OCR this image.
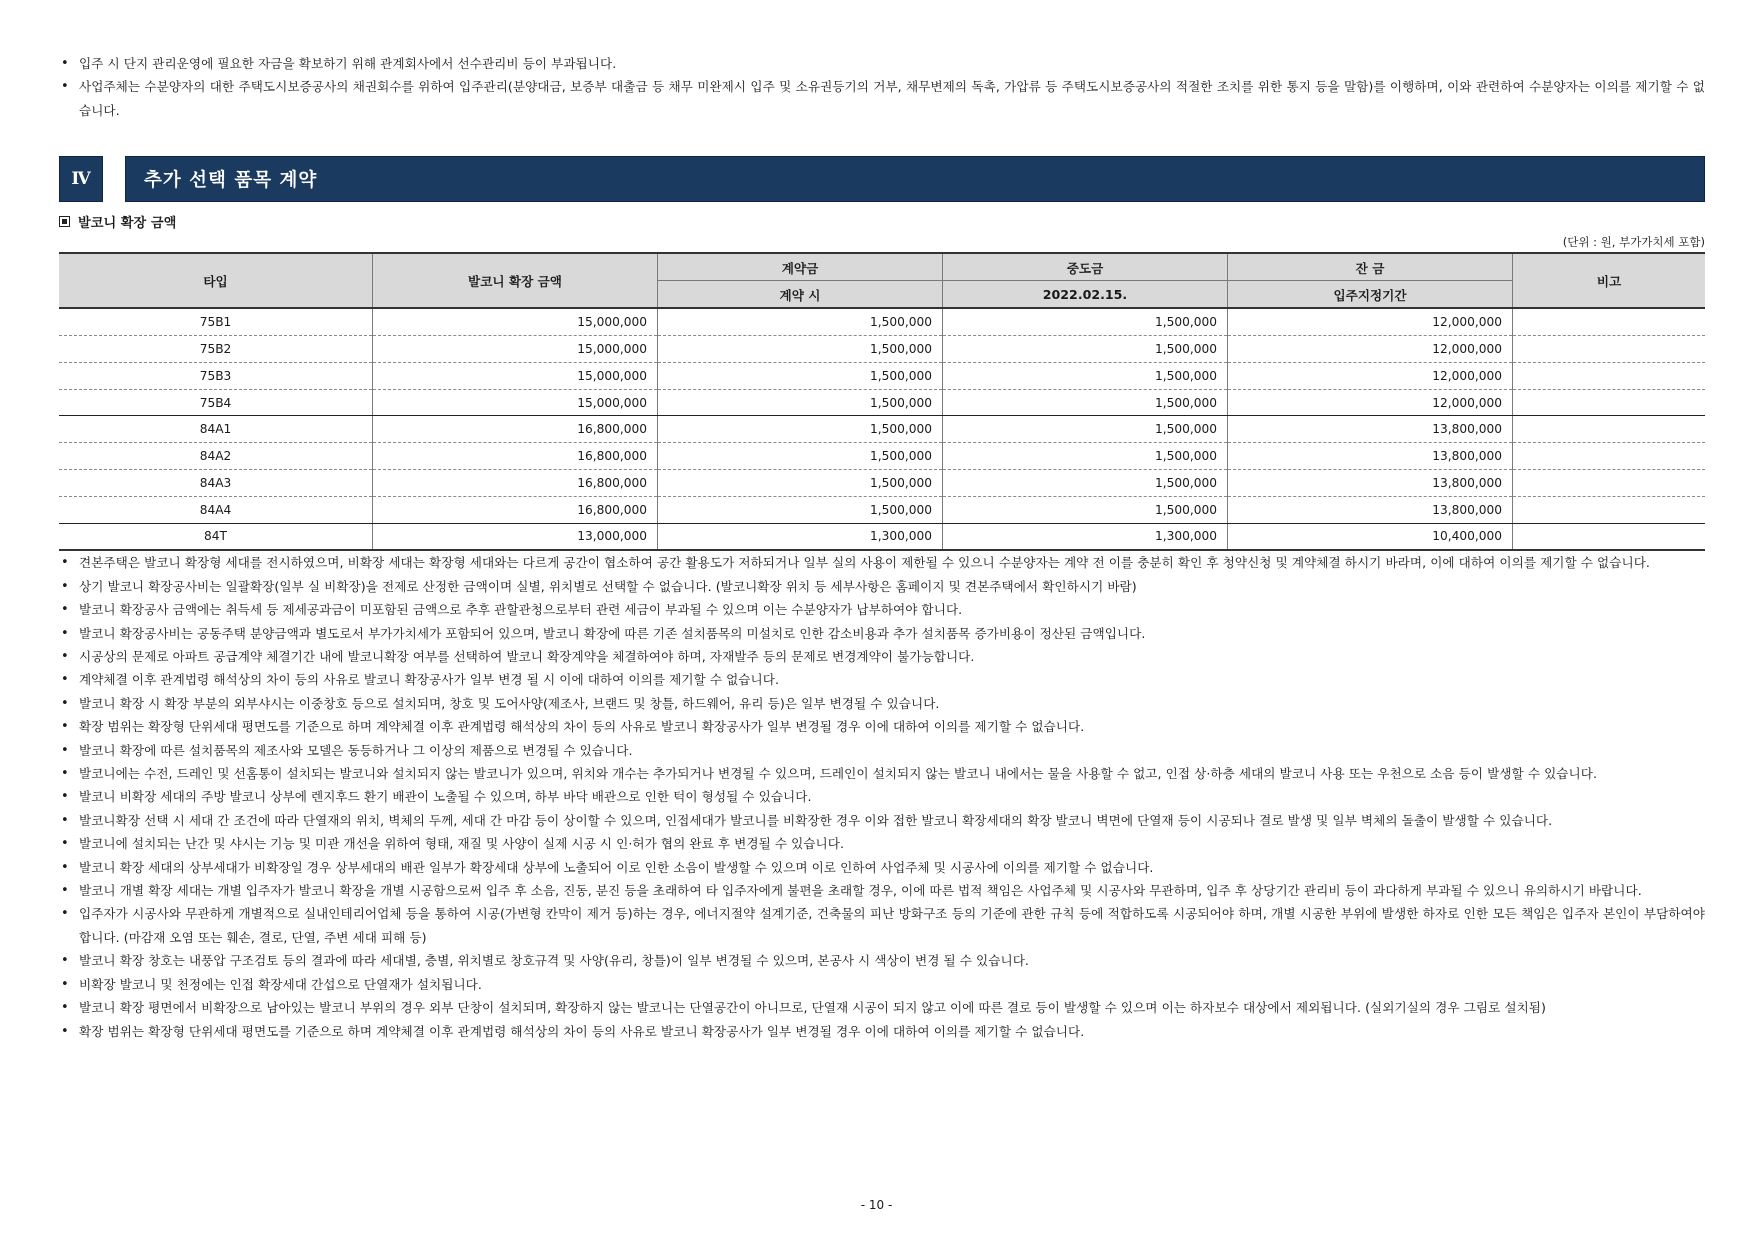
• 입주 시 단지 관리운영에 필요한 자금을 확보하기 위해 관계회사에서 선수관리비 등이 부과됩니다.
• 사업주체는 수분양자의 대한 주택도시보증공사의 채권회수를 위하여 입주관리(분양대금, 보증부 대출금 등 채무 미완제시 입주 및 소유권등기의 거부, 채무변제의 독촉, 가압류 등 주택도시보증공사의 적절한 조치를 위한 통지 등을 말함)를 이행하며, 이와 관련하여 수분양자는 이의를 제기할 수 없습니다.
Ⅳ	추가 선택 품목 계약
발코니 확장 금액
(단위 : 원, 부가가치세 포함)
타입	발코니 확장 금액	계약금	중도금	잔 금	비고
		계약 시	2022.02.15.	입주지정기간	
75B1	15,000,000	1,500,000	1,500,000	12,000,000	
75B2	15,000,000	1,500,000	1,500,000	12,000,000	
75B3	15,000,000	1,500,000	1,500,000	12,000,000	
75B4	15,000,000	1,500,000	1,500,000	12,000,000	
84A1	16,800,000	1,500,000	1,500,000	13,800,000	
84A2	16,800,000	1,500,000	1,500,000	13,800,000	
84A3	16,800,000	1,500,000	1,500,000	13,800,000	
84A4	16,800,000	1,500,000	1,500,000	13,800,000	
84T	13,000,000	1,300,000	1,300,000	10,400,000	
• 견본주택은 발코니 확장형 세대를 전시하였으며, 비확장 세대는 확장형 세대와는 다르게 공간이 협소하여 공간 활용도가 저하되거나 일부 실의 사용이 제한될 수 있으니 수분양자는 계약 전 이를 충분히 확인 후 청약신청 및 계약체결 하시기 바라며, 이에 대하여 이의를 제기할 수 없습니다.
• 상기 발코니 확장공사비는 일괄확장(일부 실 비확장)을 전제로 산정한 금액이며 실별, 위치별로 선택할 수 없습니다. (발코니확장 위치 등 세부사항은 홈페이지 및 견본주택에서 확인하시기 바람)
• 발코니 확장공사 금액에는 취득세 등 제세공과금이 미포함된 금액으로 추후 관할관청으로부터 관련 세금이 부과될 수 있으며 이는 수분양자가 납부하여야 합니다.
• 발코니 확장공사비는 공동주택 분양금액과 별도로서 부가가치세가 포함되어 있으며, 발코니 확장에 따른 기존 설치품목의 미설치로 인한 감소비용과 추가 설치품목 증가비용이 정산된 금액입니다.
• 시공상의 문제로 아파트 공급계약 체결기간 내에 발코니확장 여부를 선택하여 발코니 확장계약을 체결하여야 하며, 자재발주 등의 문제로 변경계약이 불가능합니다.
• 계약체결 이후 관계법령 해석상의 차이 등의 사유로 발코니 확장공사가 일부 변경 될 시 이에 대하여 이의를 제기할 수 없습니다.
• 발코니 확장 시 확장 부분의 외부샤시는 이중창호 등으로 설치되며, 창호 및 도어사양(제조사, 브랜드 및 창틀, 하드웨어, 유리 등)은 일부 변경될 수 있습니다.
• 확장 범위는 확장형 단위세대 평면도를 기준으로 하며 계약체결 이후 관계법령 해석상의 차이 등의 사유로 발코니 확장공사가 일부 변경될 경우 이에 대하여 이의를 제기할 수 없습니다.
• 발코니 확장에 따른 설치품목의 제조사와 모델은 동등하거나 그 이상의 제품으로 변경될 수 있습니다.
• 발코니에는 수전, 드레인 및 선홈통이 설치되는 발코니와 설치되지 않는 발코니가 있으며, 위치와 개수는 추가되거나 변경될 수 있으며, 드레인이 설치되지 않는 발코니 내에서는 물을 사용할 수 없고, 인접 상·하층 세대의 발코니 사용 또는 우천으로 소음 등이 발생할 수 있습니다.
• 발코니 비확장 세대의 주방 발코니 상부에 렌지후드 환기 배관이 노출될 수 있으며, 하부 바닥 배관으로 인한 턱이 형성될 수 있습니다.
• 발코니확장 선택 시 세대 간 조건에 따라 단열재의 위치, 벽체의 두께, 세대 간 마감 등이 상이할 수 있으며, 인접세대가 발코니를 비확장한 경우 이와 접한 발코니 확장세대의 확장 발코니 벽면에 단열재 등이 시공되나 결로 발생 및 일부 벽체의 돌출이 발생할 수 있습니다.
• 발코니에 설치되는 난간 및 샤시는 기능 및 미관 개선을 위하여 형태, 재질 및 사양이 실제 시공 시 인·허가 협의 완료 후 변경될 수 있습니다.
• 발코니 확장 세대의 상부세대가 비확장일 경우 상부세대의 배관 일부가 확장세대 상부에 노출되어 이로 인한 소음이 발생할 수 있으며 이로 인하여 사업주체 및 시공사에 이의를 제기할 수 없습니다.
• 발코니 개별 확장 세대는 개별 입주자가 발코니 확장을 개별 시공함으로써 입주 후 소음, 진동, 분진 등을 초래하여 타 입주자에게 불편을 초래할 경우, 이에 따른 법적 책임은 사업주체 및 시공사와 무관하며, 입주 후 상당기간 관리비 등이 과다하게 부과될 수 있으니 유의하시기 바랍니다.
• 입주자가 시공사와 무관하게 개별적으로 실내인테리어업체 등을 통하여 시공(가변형 칸막이 제거 등)하는 경우, 에너지절약 설계기준, 건축물의 피난 방화구조 등의 기준에 관한 규칙 등에 적합하도록 시공되어야 하며, 개별 시공한 부위에 발생한 하자로 인한 모든 책임은 입주자 본인이 부담하여야 합니다. (마감재 오염 또는 훼손, 결로, 단열, 주변 세대 피해 등)
• 발코니 확장 창호는 내풍압 구조검토 등의 결과에 따라 세대별, 층별, 위치별로 창호규격 및 사양(유리, 창틀)이 일부 변경될 수 있으며, 본공사 시 색상이 변경 될 수 있습니다.
• 비확장 발코니 및 천정에는 인접 확장세대 간섭으로 단열재가 설치됩니다.
• 발코니 확장 평면에서 비확장으로 남아있는 발코니 부위의 경우 외부 단창이 설치되며, 확장하지 않는 발코니는 단열공간이 아니므로, 단열재 시공이 되지 않고 이에 따른 결로 등이 발생할 수 있으며 이는 하자보수 대상에서 제외됩니다. (실외기실의 경우 그림로 설치됨)
• 확장 범위는 확장형 단위세대 평면도를 기준으로 하며 계약체결 이후 관계법령 해석상의 차이 등의 사유로 발코니 확장공사가 일부 변경될 경우 이에 대하여 이의를 제기할 수 없습니다.
- 10 -
